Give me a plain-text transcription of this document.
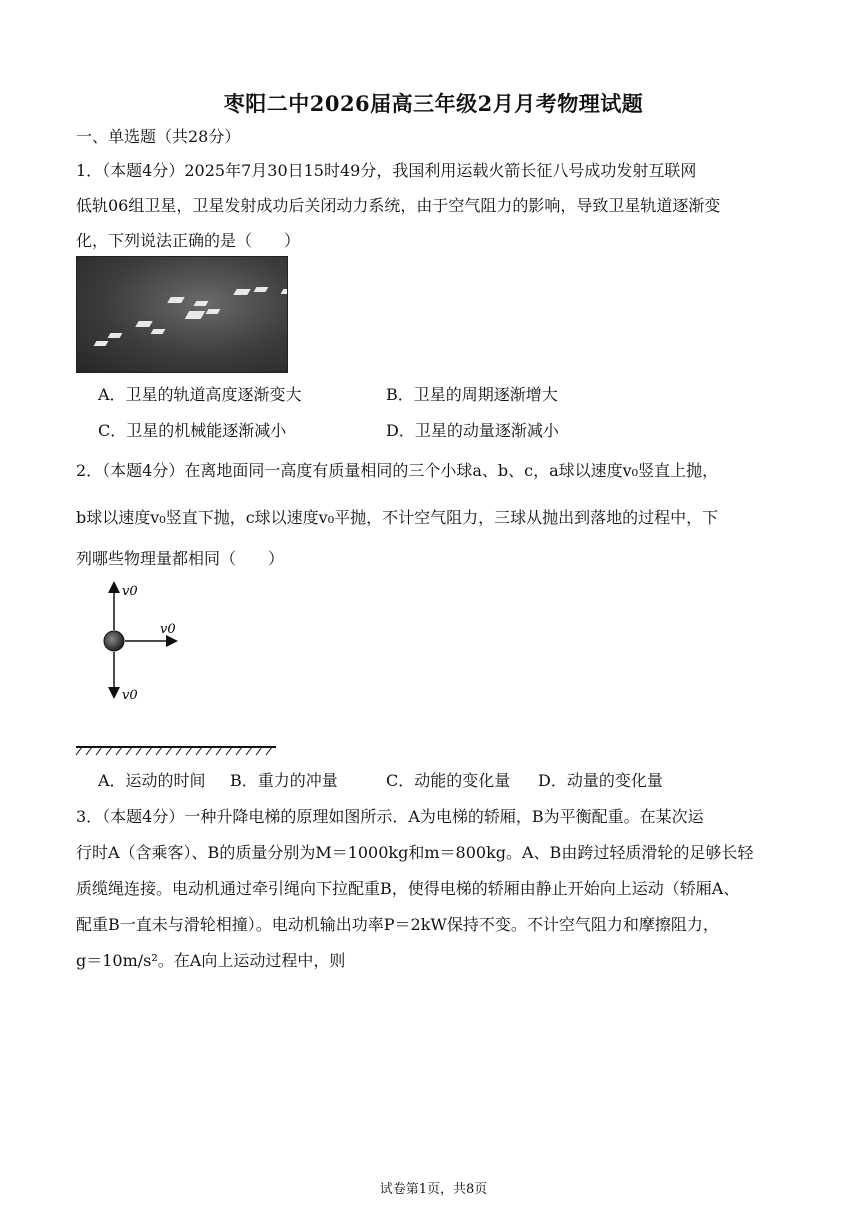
枣阳二中2026届高三年级2月月考物理试题
一、单选题（共28分）
1．（本题4分）2025年7月30日15时49分，我国利用运载火箭长征八号成功发射互联网
低轨06组卫星，卫星发射成功后关闭动力系统，由于空气阻力的影响，导致卫星轨道逐渐变
化，下列说法正确的是（　　）
A．卫星的轨道高度逐渐变大	B．卫星的周期逐渐增大
C．卫星的机械能逐渐减小	D．卫星的动量逐渐减小
2．（本题4分）在离地面同一高度有质量相同的三个小球a、b、c，a球以速度v₀竖直上抛，
b球以速度v₀竖直下抛，c球以速度v₀平抛，不计空气阻力，三球从抛出到落地的过程中，下
列哪些物理量都相同（　　）
v0
v0
v0
A．运动的时间 B．重力的冲量	C．动能的变化量 D．动量的变化量
3．（本题4分）一种升降电梯的原理如图所示．A为电梯的轿厢，B为平衡配重。在某次运
行时A（含乘客）、B的质量分别为M＝1000kg和m＝800kg。A、B由跨过轻质滑轮的足够长轻
质缆绳连接。电动机通过牵引绳向下拉配重B，使得电梯的轿厢由静止开始向上运动（轿厢A、
配重B一直未与滑轮相撞）。电动机输出功率P＝2kW保持不变。不计空气阻力和摩擦阻力，
g＝10m/s²。在A向上运动过程中，则
试卷第1页，共8页
